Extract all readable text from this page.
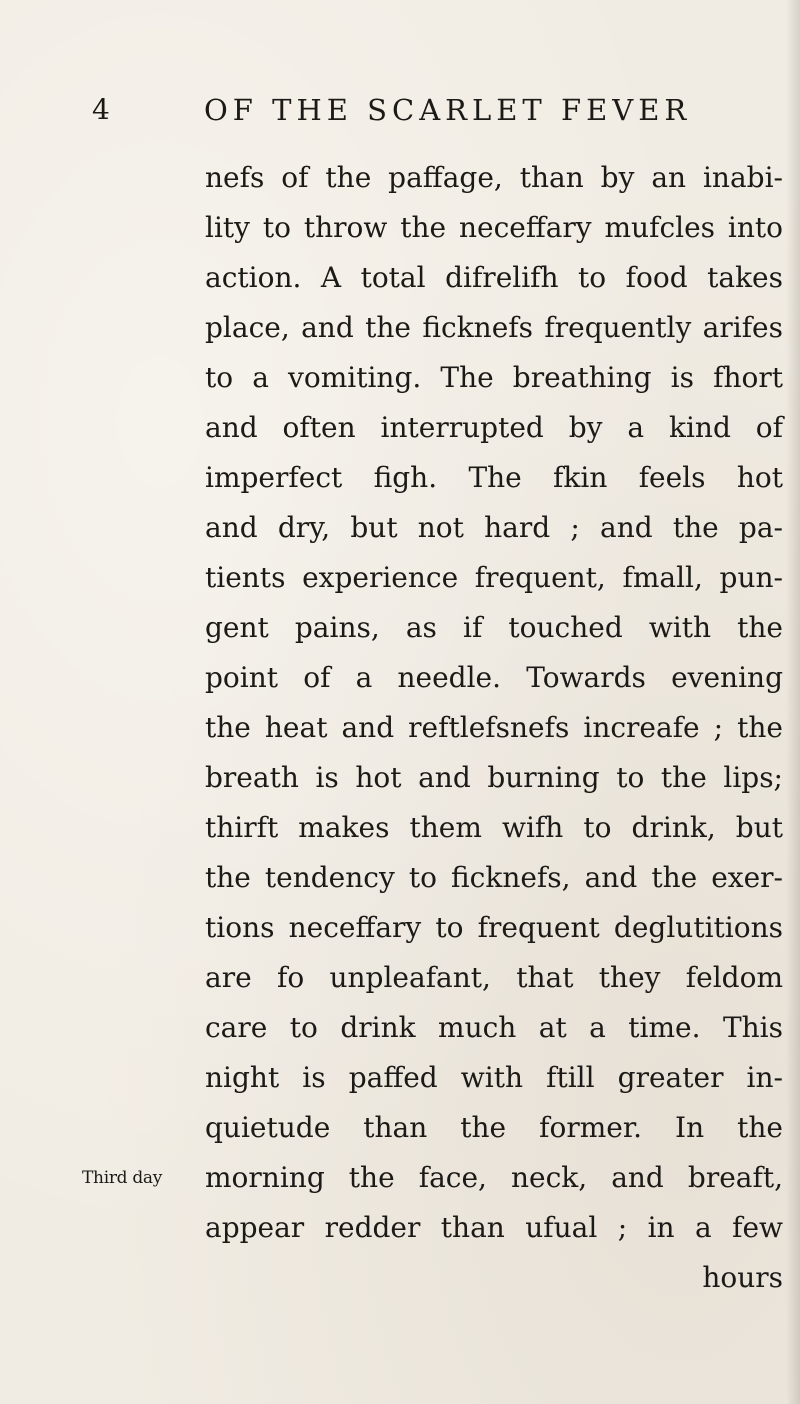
4	OF THE SCARLET FEVER
nefs of the paffage, than by an inabi-
lity to throw the neceffary mufcles into
action. A total difrelifh to food takes
place, and the ficknefs frequently arifes
to a vomiting. The breathing is fhort
and often interrupted by a kind of
imperfect figh. The fkin feels hot
and dry, but not hard ; and the pa-
tients experience frequent, fmall, pun-
gent pains, as if touched with the
point of a needle. Towards evening
the heat and reftlefsnefs increafe ; the
breath is hot and burning to the lips;
thirft makes them wifh to drink, but
the tendency to ficknefs, and the exer-
tions neceffary to frequent deglutitions
are fo unpleafant, that they feldom
care to drink much at a time. This
night is paffed with ftill greater in-
quietude than the former. In the
Third day morning the face, neck, and breaft,
appear redder than ufual ; in a few
hours
